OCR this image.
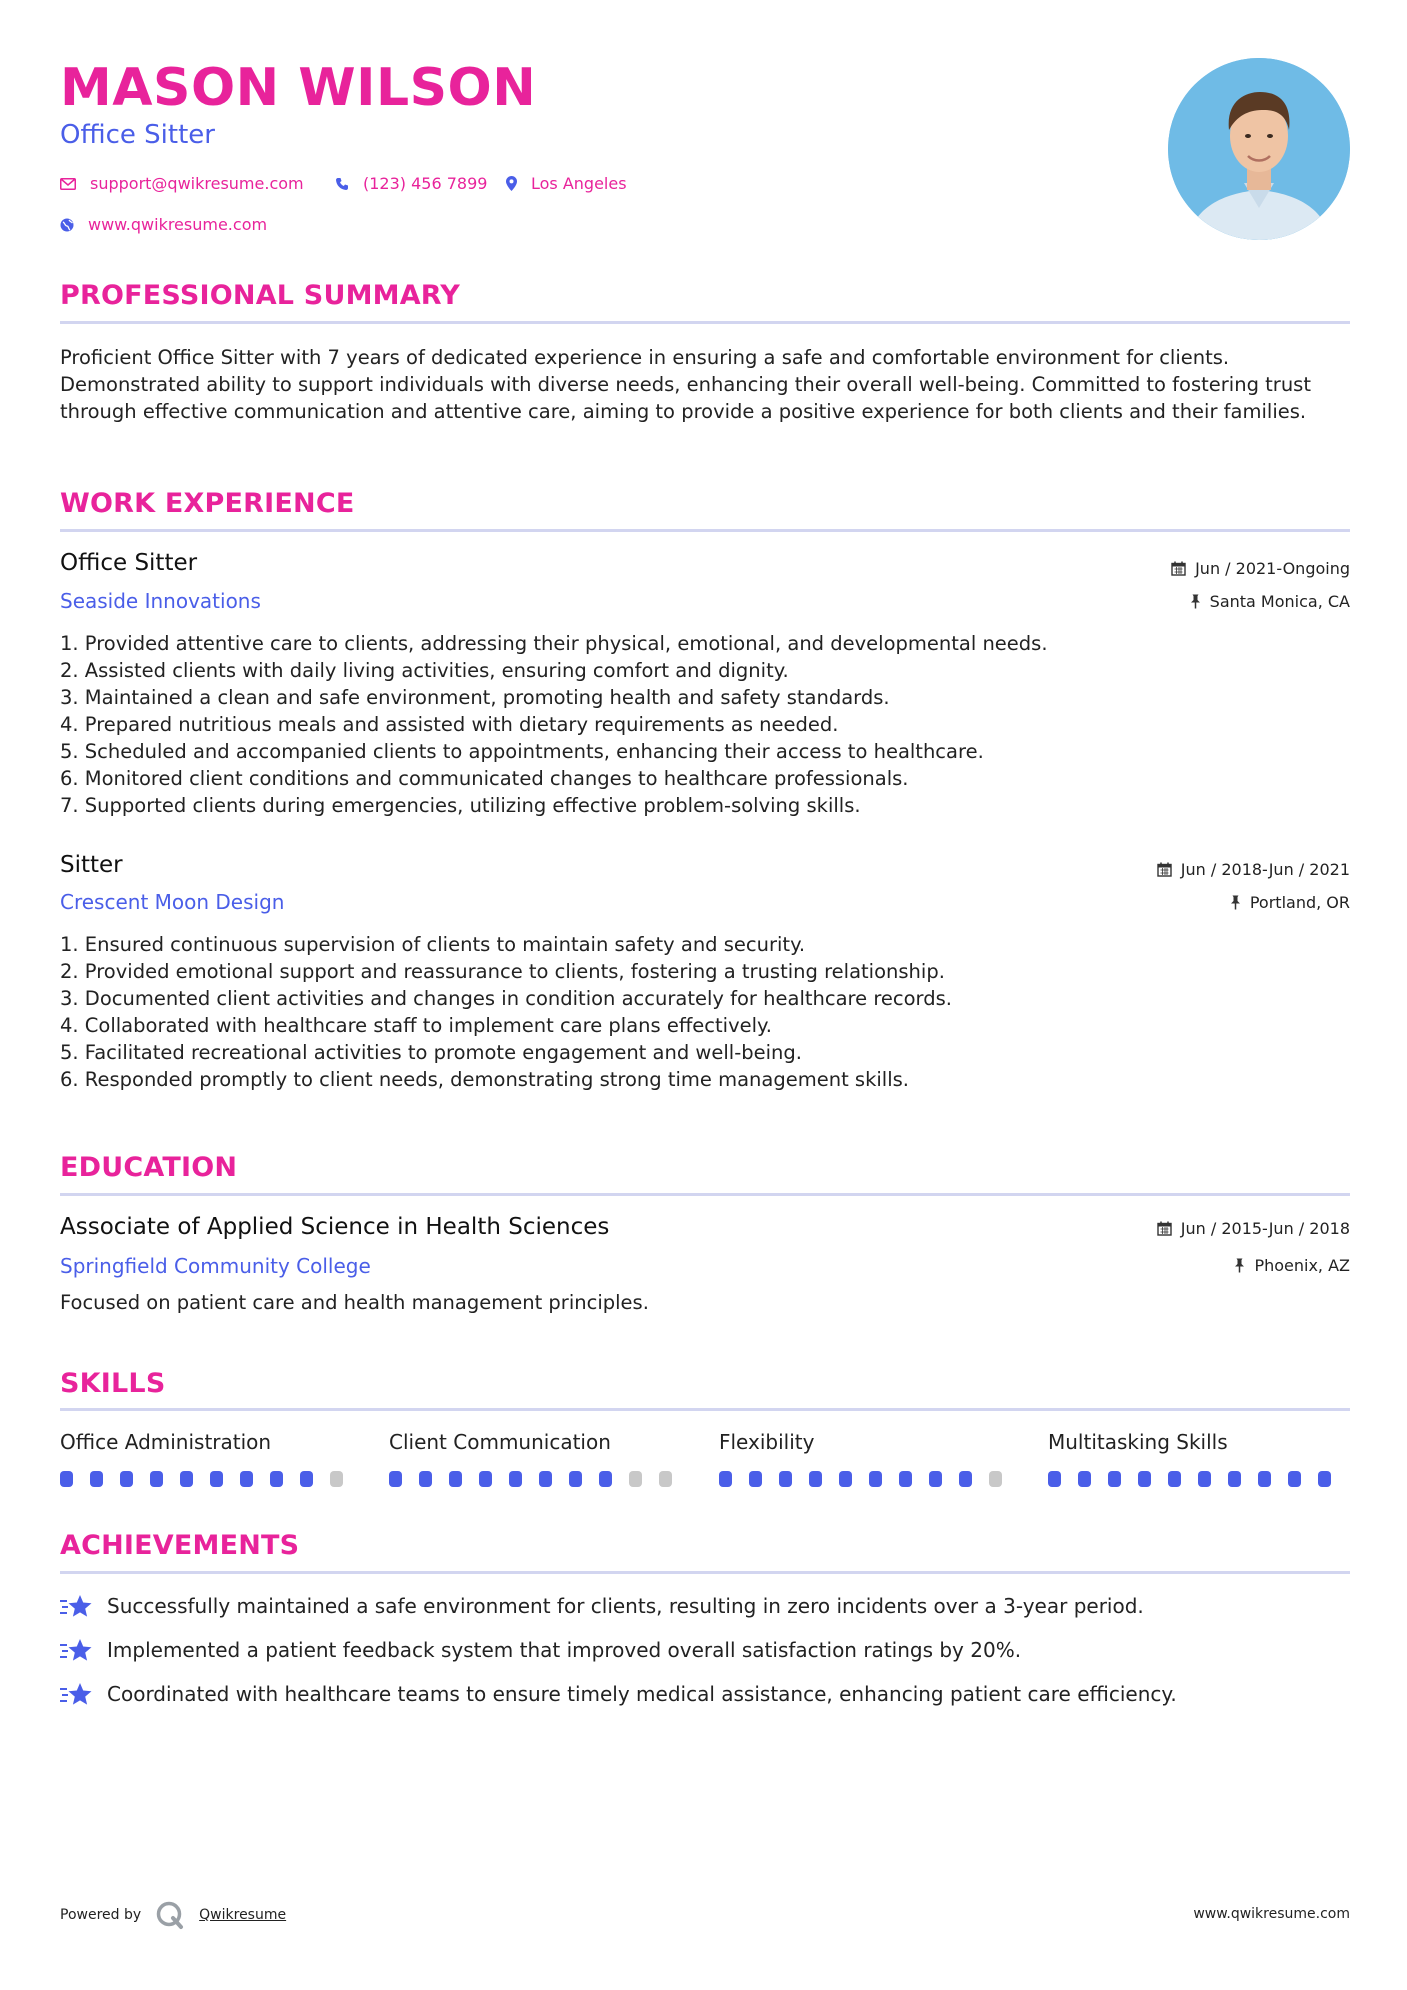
MASON WILSON
Office Sitter
support@qwikresume.com	(123) 456 7899	Los Angeles
www.qwikresume.com
PROFESSIONAL SUMMARY
Proficient Office Sitter with 7 years of dedicated experience in ensuring a safe and comfortable environment for clients. Demonstrated ability to support individuals with diverse needs, enhancing their overall well-being. Committed to fostering trust through effective communication and attentive care, aiming to provide a positive experience for both clients and their families.
WORK EXPERIENCE
Office Sitter	Jun / 2021-Ongoing
Seaside Innovations	Santa Monica, CA
1. Provided attentive care to clients, addressing their physical, emotional, and developmental needs.
2. Assisted clients with daily living activities, ensuring comfort and dignity.
3. Maintained a clean and safe environment, promoting health and safety standards.
4. Prepared nutritious meals and assisted with dietary requirements as needed.
5. Scheduled and accompanied clients to appointments, enhancing their access to healthcare.
6. Monitored client conditions and communicated changes to healthcare professionals.
7. Supported clients during emergencies, utilizing effective problem-solving skills.
Sitter	Jun / 2018-Jun / 2021
Crescent Moon Design	Portland, OR
1. Ensured continuous supervision of clients to maintain safety and security.
2. Provided emotional support and reassurance to clients, fostering a trusting relationship.
3. Documented client activities and changes in condition accurately for healthcare records.
4. Collaborated with healthcare staff to implement care plans effectively.
5. Facilitated recreational activities to promote engagement and well-being.
6. Responded promptly to client needs, demonstrating strong time management skills.
EDUCATION
Associate of Applied Science in Health Sciences	Jun / 2015-Jun / 2018
Springfield Community College	Phoenix, AZ
Focused on patient care and health management principles.
SKILLS
Office Administration	Client Communication	Flexibility	Multitasking Skills
ACHIEVEMENTS
Successfully maintained a safe environment for clients, resulting in zero incidents over a 3-year period.
Implemented a patient feedback system that improved overall satisfaction ratings by 20%.
Coordinated with healthcare teams to ensure timely medical assistance, enhancing patient care efficiency.
Powered by	Qwikresume	www.qwikresume.com
